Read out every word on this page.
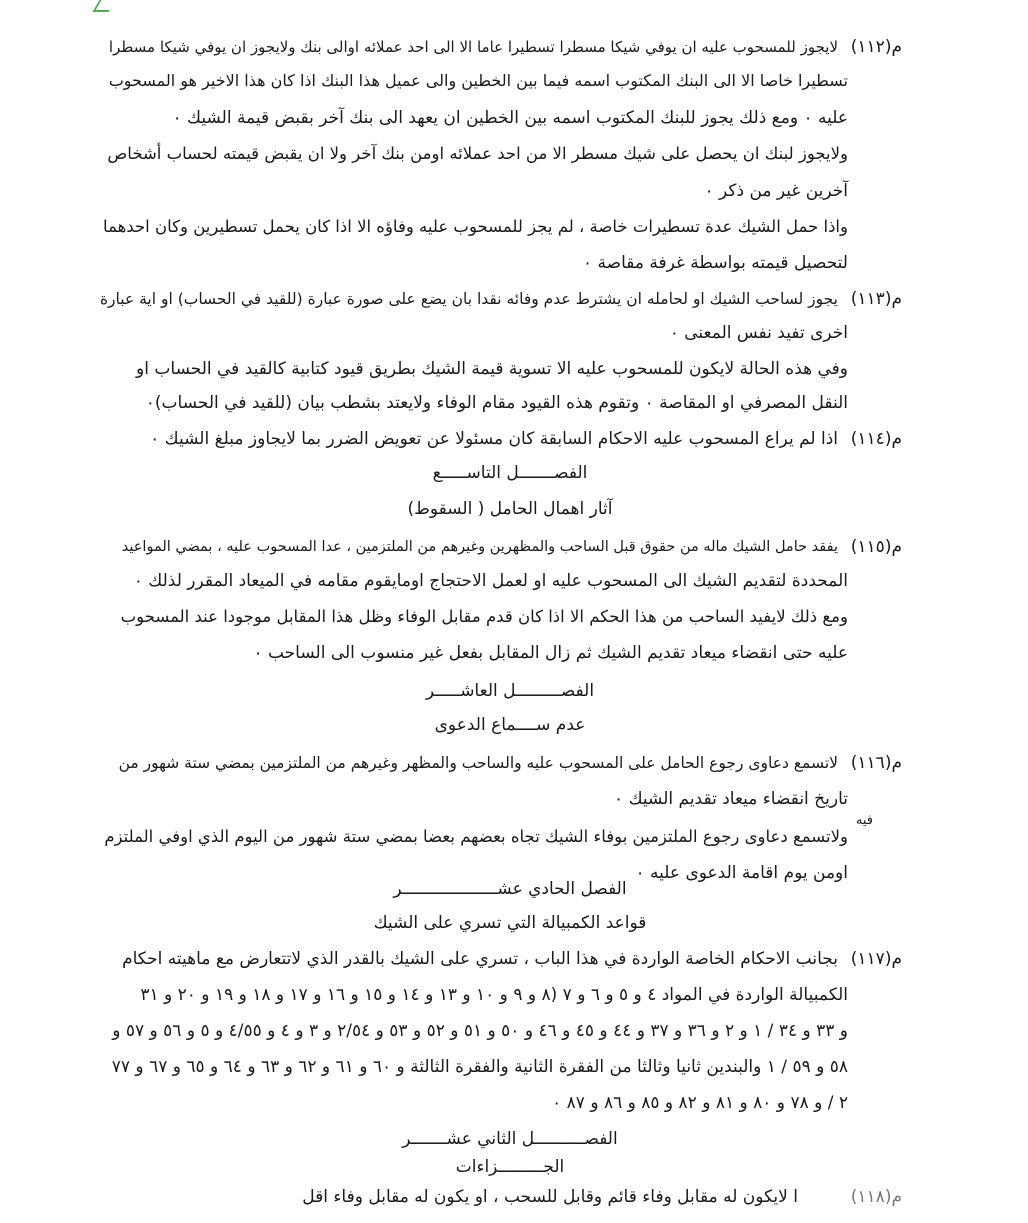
م(١١٢)
لايجوز للمسحوب عليه ان يوفي شيكا مسطرا تسطيرا عاما الا الى احد عملائه اوالى بنك ولايجوز ان يوفي شيكا مسطرا
تسطيرا خاصا الا الى البنك المكتوب اسمه فيما بين الخطين والى عميل هذا البنك اذا كان هذا الاخير هو المسحوب
عليه ٠ ومع ذلك يجوز للبنك المكتوب اسمه بين الخطين ان يعهد الى بنك آخر بقبض قيمة الشيك ٠
ولايجوز لبنك ان يحصل على شيك مسطر الا من احد عملائه اومن بنك آخر ولا ان يقبض قيمته لحساب أشخاص
آخرين غير من ذكر ٠
واذا حمل الشيك عدة تسطيرات خاصة ، لم يجز للمسحوب عليه وفاؤه الا اذا كان يحمل تسطيرين وكان احدهما
لتحصيل قيمته بواسطة غرفة مقاصة ٠
م(١١٣)
يجوز لساحب الشيك او لحامله ان يشترط عدم وفائه نقدا بان يضع على صورة عبارة (للقيد في الحساب) او اية عبارة
اخرى تفيد نفس المعنى ٠
وفي هذه الحالة لايكون للمسحوب عليه الا تسوية قيمة الشيك بطريق قيود كتابية كالقيد في الحساب او
النقل المصرفي او المقاصة ٠ وتقوم هذه القيود مقام الوفاء ولايعتد بشطب بيان (للقيد في الحساب)٠
م(١١٤)
اذا لم يراع المسحوب عليه الاحكام السابقة كان مسئولا عن تعويض الضرر بما لايجاوز مبلغ الشيك ٠
الفصـــــــل التاســـــع
آثار اهمال الحامل ( السقوط)
م(١١٥)
يفقد حامل الشيك ماله من حقوق قبل الساحب والمظهرين وغيرهم من الملتزمين ، عدا المسحوب عليه ، بمضي المواعيد
المحددة لتقديم الشيك الى المسحوب عليه او لعمل الاحتجاج اومايقوم مقامه في الميعاد المقرر لذلك ٠
ومع ذلك لايفيد الساحب من هذا الحكم الا اذا كان قدم مقابل الوفاء وظل هذا المقابل موجودا عند المسحوب
عليه حتى انقضاء ميعاد تقديم الشيك ثم زال المقابل بفعل غير منسوب الى الساحب ٠
الفصـــــــــل العاشـــــر
عدم ســــماع الدعوى
م(١١٦)
لاتسمع دعاوى رجوع الحامل على المسحوب عليه والساحب والمظهر وغيرهم من الملتزمين بمضي ستة شهور من
تاريخ انقضاء ميعاد تقديم الشيك ٠
فيه
ولاتسمع دعاوى رجوع الملتزمين بوفاء الشيك تجاه بعضهم بعضا بمضي ستة شهور من اليوم الذي اوفي الملتزم
اومن يوم اقامة الدعوى عليه ٠
الفصل الحادي عشـــــــــــــــــــر
قواعد الكمبيالة التي تسري على الشيك
م(١١٧)
بجانب الاحكام الخاصة الواردة في هذا الباب ، تسري على الشيك بالقدر الذي لاتتعارض مع ماهيته احكام
الكمبيالة الواردة في المواد ٤ و ٥ و ٦ و ٧ (٨ و ٩ و ١٠ و ١٣ و ١٤ و ١٥ و ١٦ و ١٧ و ١٨ و ١٩ و ٢٠ و ٣١
و ٣٣ و ٣٤ / ١ و ٢ و ٣٦ و ٣٧ و ٤٤ و ٤٥ و ٤٦ و ٥٠ و ٥١ و ٥٢ و ٥٣ و ٢/٥٤ و ٣ و ٤ و ٤/٥٥ و ٥ و ٥٦ و ٥٧ و
٥٨ و ٥٩ / ١ والبندين ثانيا وثالثا من الفقرة الثانية والفقرة الثالثة و ٦٠ و ٦١ و ٦٢ و ٦٣ و ٦٤ و ٦٥ و ٦٧ و ٧٧
٢ / و ٧٨ و ٨٠ و ٨١ و ٨٢ و ٨٥ و ٨٦ و ٨٧ ٠
الفصــــــــــل الثاني عشـــــــر
الجـــــــــزاءات
م(١١٨)
ا لايكون له مقابل وفاء قائم وقابل للسحب ، او يكون له مقابل وفاء اقل
